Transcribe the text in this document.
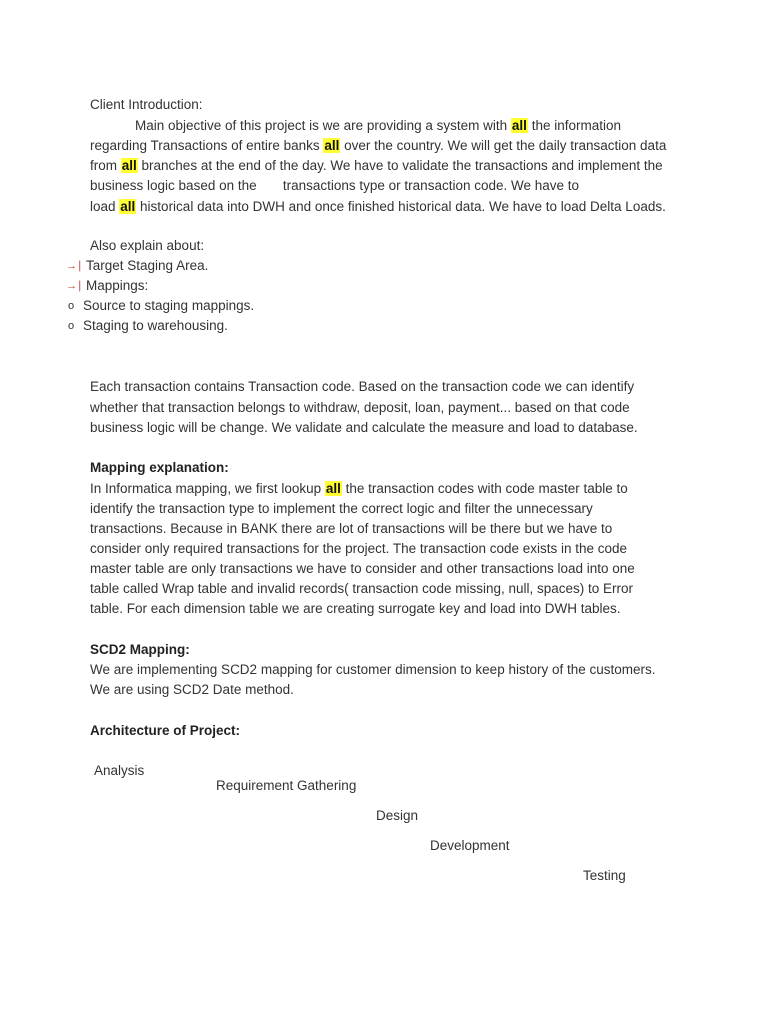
Client Introduction:
Main objective of this project is we are providing a system with all the information
regarding Transactions of entire banks all over the country. We will get the daily transaction data
from all branches at the end of the day. We have to validate the transactions and implement the
business logic based on the       transactions type or transaction code. We have to
load all historical data into DWH and once finished historical data. We have to load Delta Loads.
Also explain about:
→∣ Target Staging Area.
→∣ Mappings:
o Source to staging mappings.
o Staging to warehousing.
Each transaction contains Transaction code. Based on the transaction code we can identify
whether that transaction belongs to withdraw, deposit, loan, payment... based on that code
business logic will be change. We validate and calculate the measure and load to database.
Mapping explanation:
In Informatica mapping, we first lookup all the transaction codes with code master table to
identify the transaction type to implement the correct logic and filter the unnecessary
transactions. Because in BANK there are lot of transactions will be there but we have to
consider only required transactions for the project. The transaction code exists in the code
master table are only transactions we have to consider and other transactions load into one
table called Wrap table and invalid records( transaction code missing, null, spaces) to Error
table. For each dimension table we are creating surrogate key and load into DWH tables.
SCD2 Mapping:
We are implementing SCD2 mapping for customer dimension to keep history of the customers.
We are using SCD2 Date method.
Architecture of Project:
Analysis
Requirement Gathering
Design
Development
Testing
